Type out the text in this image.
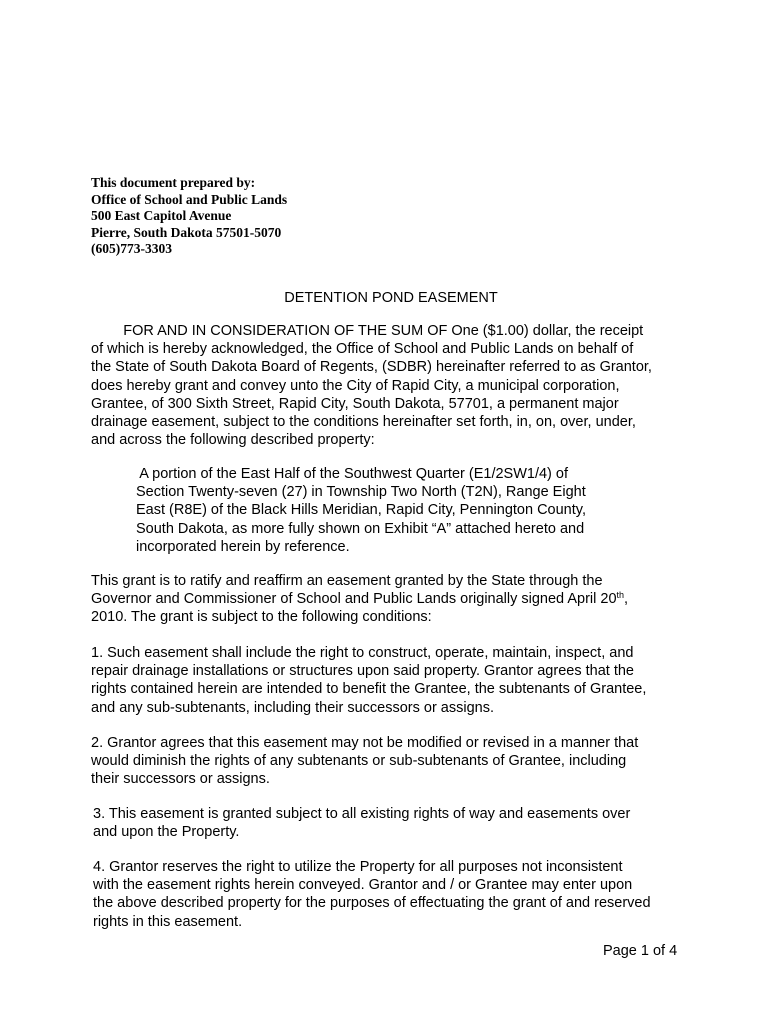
This document prepared by:
Office of School and Public Lands
500 East Capitol Avenue
Pierre, South Dakota 57501-5070
(605)773-3303
DETENTION POND EASEMENT
FOR AND IN CONSIDERATION OF THE SUM OF One ($1.00) dollar, the receipt
of which is hereby acknowledged, the Office of School and Public Lands on behalf of
the State of South Dakota Board of Regents, (SDBR) hereinafter referred to as Grantor,
does hereby grant and convey unto the City of Rapid City, a municipal corporation,
Grantee, of 300 Sixth Street, Rapid City, South Dakota, 57701, a permanent major
drainage easement, subject to the conditions hereinafter set forth, in, on, over, under,
and across the following described property:
A portion of the East Half of the Southwest Quarter (E1/2SW1/4) of
Section Twenty-seven (27) in Township Two North (T2N), Range Eight
East (R8E) of the Black Hills Meridian, Rapid City, Pennington County,
South Dakota, as more fully shown on Exhibit “A” attached hereto and
incorporated herein by reference.
This grant is to ratify and reaffirm an easement granted by the State through the
Governor and Commissioner of School and Public Lands originally signed April 20th,
2010. The grant is subject to the following conditions:
1. Such easement shall include the right to construct, operate, maintain, inspect, and
repair drainage installations or structures upon said property. Grantor agrees that the
rights contained herein are intended to benefit the Grantee, the subtenants of Grantee,
and any sub-subtenants, including their successors or assigns.
2. Grantor agrees that this easement may not be modified or revised in a manner that
would diminish the rights of any subtenants or sub-subtenants of Grantee, including
their successors or assigns.
3. This easement is granted subject to all existing rights of way and easements over
and upon the Property.
4. Grantor reserves the right to utilize the Property for all purposes not inconsistent
with the easement rights herein conveyed. Grantor and / or Grantee may enter upon
the above described property for the purposes of effectuating the grant of and reserved
rights in this easement.
Page 1 of 4
